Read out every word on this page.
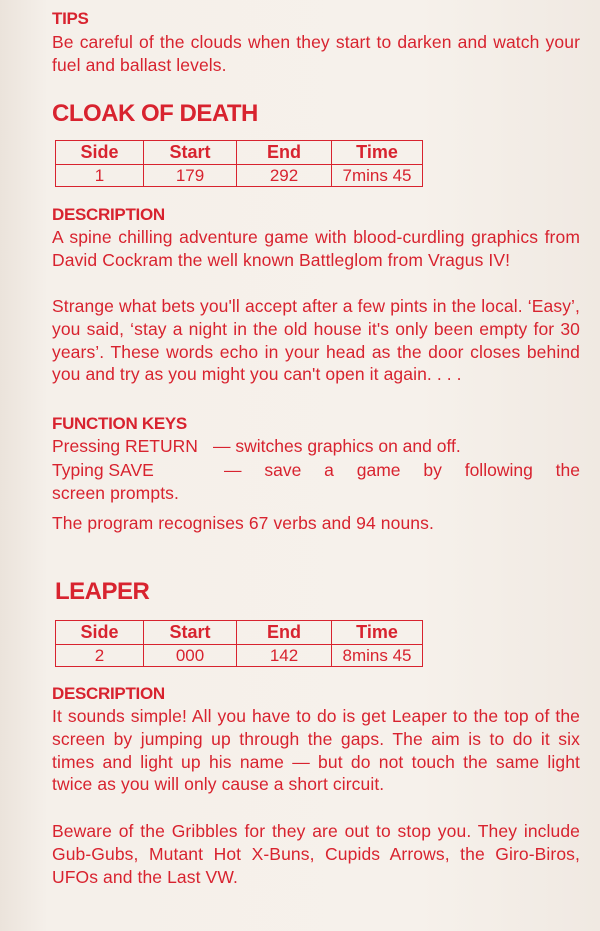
TIPS
Be careful of the clouds when they start to darken and watch your fuel and ballast levels.
CLOAK OF DEATH
Side	Start	End	Time
1	179	292	7mins 45
DESCRIPTION
A spine chilling adventure game with blood-curdling graphics from David Cockram the well known Battleglom from Vragus IV!
Strange what bets you'll accept after a few pints in the local. ‘Easy’, you said, ‘stay a night in the old house it's only been empty for 30 years’. These words echo in your head as the door closes behind you and try as you might you can't open it again. . . .
FUNCTION KEYS
Pressing RETURN — switches graphics on and off.
Typing SAVE	— save a game by following the
screen prompts.
The program recognises 67 verbs and 94 nouns.
LEAPER
Side	Start	End	Time
2	000	142	8mins 45
DESCRIPTION
It sounds simple! All you have to do is get Leaper to the top of the screen by jumping up through the gaps. The aim is to do it six times and light up his name — but do not touch the same light twice as you will only cause a short circuit.
Beware of the Gribbles for they are out to stop you. They include Gub-Gubs, Mutant Hot X-Buns, Cupids Arrows, the Giro-Biros, UFOs and the Last VW.
